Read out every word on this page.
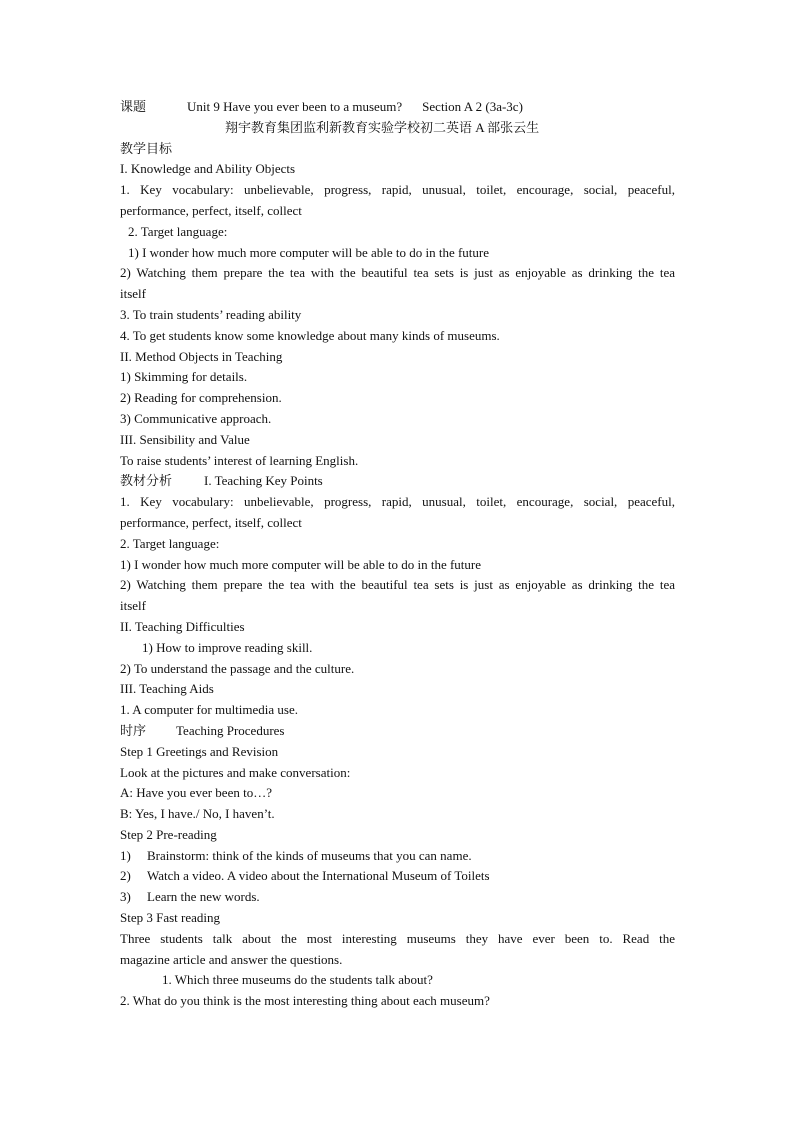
课题	Unit 9 Have you ever been to a museum? Section A 2 (3a-3c)
翔宇教育集团监利新教育实验学校初二英语 A 部张云生
教学目标
I. Knowledge and Ability Objects
1. Key vocabulary: unbelievable, progress, rapid, unusual, toilet, encourage, social, peaceful,
performance, perfect, itself, collect
2. Target language:
1) I wonder how much more computer will be able to do in the future
2) Watching them prepare the tea with the beautiful tea sets is just as enjoyable as drinking the tea
itself
3. To train students’ reading ability
4. To get students know some knowledge about many kinds of museums.
II. Method Objects in Teaching
1) Skimming for details.
2) Reading for comprehension.
3) Communicative approach.
III. Sensibility and Value
To raise students’ interest of learning English.
教材分析 I. Teaching Key Points
1. Key vocabulary: unbelievable, progress, rapid, unusual, toilet, encourage, social, peaceful,
performance, perfect, itself, collect
2. Target language:
1) I wonder how much more computer will be able to do in the future
2) Watching them prepare the tea with the beautiful tea sets is just as enjoyable as drinking the tea
itself
II. Teaching Difficulties
1) How to improve reading skill.
2) To understand the passage and the culture.
III. Teaching Aids
1. A computer for multimedia use.
时序 Teaching Procedures
Step 1 Greetings and Revision
Look at the pictures and make conversation:
A: Have you ever been to…?
B: Yes, I have./ No, I haven’t.
Step 2 Pre-reading
1) Brainstorm: think of the kinds of museums that you can name.
2) Watch a video. A video about the International Museum of Toilets
3) Learn the new words.
Step 3 Fast reading
Three students talk about the most interesting museums they have ever been to. Read the
magazine article and answer the questions.
1. Which three museums do the students talk about?
2. What do you think is the most interesting thing about each museum?
